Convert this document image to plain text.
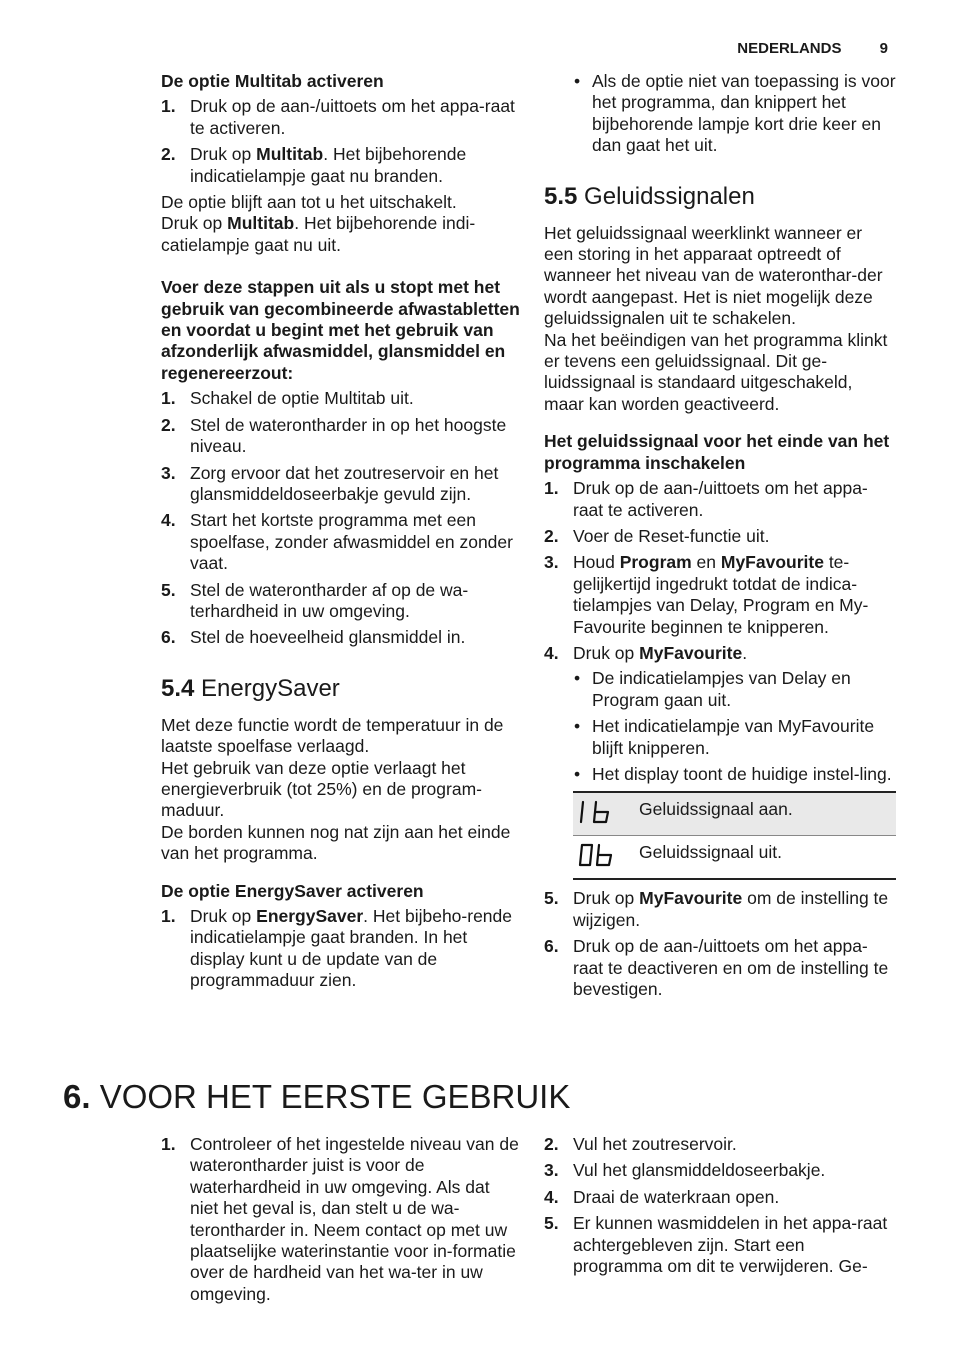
NEDERLANDS	9

De optie Multitab activeren

1. Druk op de aan-/uittoets om het appa-raat te activeren.
2. Druk op Multitab. Het bijbehorende indicatielampje gaat nu branden.

De optie blijft aan tot u het uitschakelt.

Druk op Multitab. Het bijbehorende indi-catielampje gaat nu uit.

Voer deze stappen uit als u stopt met het gebruik van gecombineerde afwastabletten en voordat u begint met het gebruik van afzonderlijk afwasmiddel, glansmiddel en regenereerzout:

1. Schakel de optie Multitab uit.
2. Stel de waterontharder in op het hoogste niveau.
3. Zorg ervoor dat het zoutreservoir en het glansmiddeldoseerbakje gevuld zijn.
4. Start het kortste programma met een spoelfase, zonder afwasmiddel en zonder vaat.
5. Stel de waterontharder af op de wa-terhardheid in uw omgeving.
6. Stel de hoeveelheid glansmiddel in.
5.4 EnergySaver

Met deze functie wordt de temperatuur in de laatste spoelfase verlaagd.

Het gebruik van deze optie verlaagt het energieverbruik (tot 25%) en de program-maduur.

De borden kunnen nog nat zijn aan het einde van het programma.

De optie EnergySaver activeren

1. Druk op EnergySaver. Het bijbeho-rende indicatielampje gaat branden. In het display kunt u de update van de programmaduur zien.
• Als de optie niet van toepassing is voor het programma, dan knippert het bijbehorende lampje kort drie keer en dan gaat het uit.
5.5 Geluidssignalen

Het geluidssignaal weerklinkt wanneer er een storing in het apparaat optreedt of wanneer het niveau van de wateronthar-der wordt aangepast. Het is niet mogelijk deze geluidssignalen uit te schakelen.

Na het beëindigen van het programma klinkt er tevens een geluidssignaal. Dit ge-luidssignaal is standaard uitgeschakeld, maar kan worden geactiveerd.

Het geluidssignaal voor het einde van het programma inschakelen

1. Druk op de aan-/uittoets om het appa-raat te activeren.
2. Voer de Reset-functie uit.
3. Houd Program en MyFavourite te-gelijkertijd ingedrukt totdat de indica-tielampjes van Delay, Program en My-Favourite beginnen te knipperen.
4. Druk op MyFavourite.
• De indicatielampjes van Delay en Program gaan uit.
• Het indicatielampje van MyFavourite blijft knipperen.
• Het display toont de huidige instel-ling.
	Geluidssignaal aan.

	Geluidssignaal uit.
5. Druk op MyFavourite om de instelling te wijzigen.
6. Druk op de aan-/uittoets om het appa-raat te deactiveren en om de instelling te bevestigen.
6. VOOR HET EERSTE GEBRUIK
1. Controleer of het ingestelde niveau van de waterontharder juist is voor de waterhardheid in uw omgeving. Als dat niet het geval is, dan stelt u de wa-terontharder in. Neem contact op met uw plaatselijke waterinstantie voor in-formatie over de hardheid van het wa-ter in uw omgeving.
2. Vul het zoutreservoir.
3. Vul het glansmiddeldoseerbakje.
4. Draai de waterkraan open.
5. Er kunnen wasmiddelen in het appa-raat achtergebleven zijn. Start een programma om dit te verwijderen. Ge-
